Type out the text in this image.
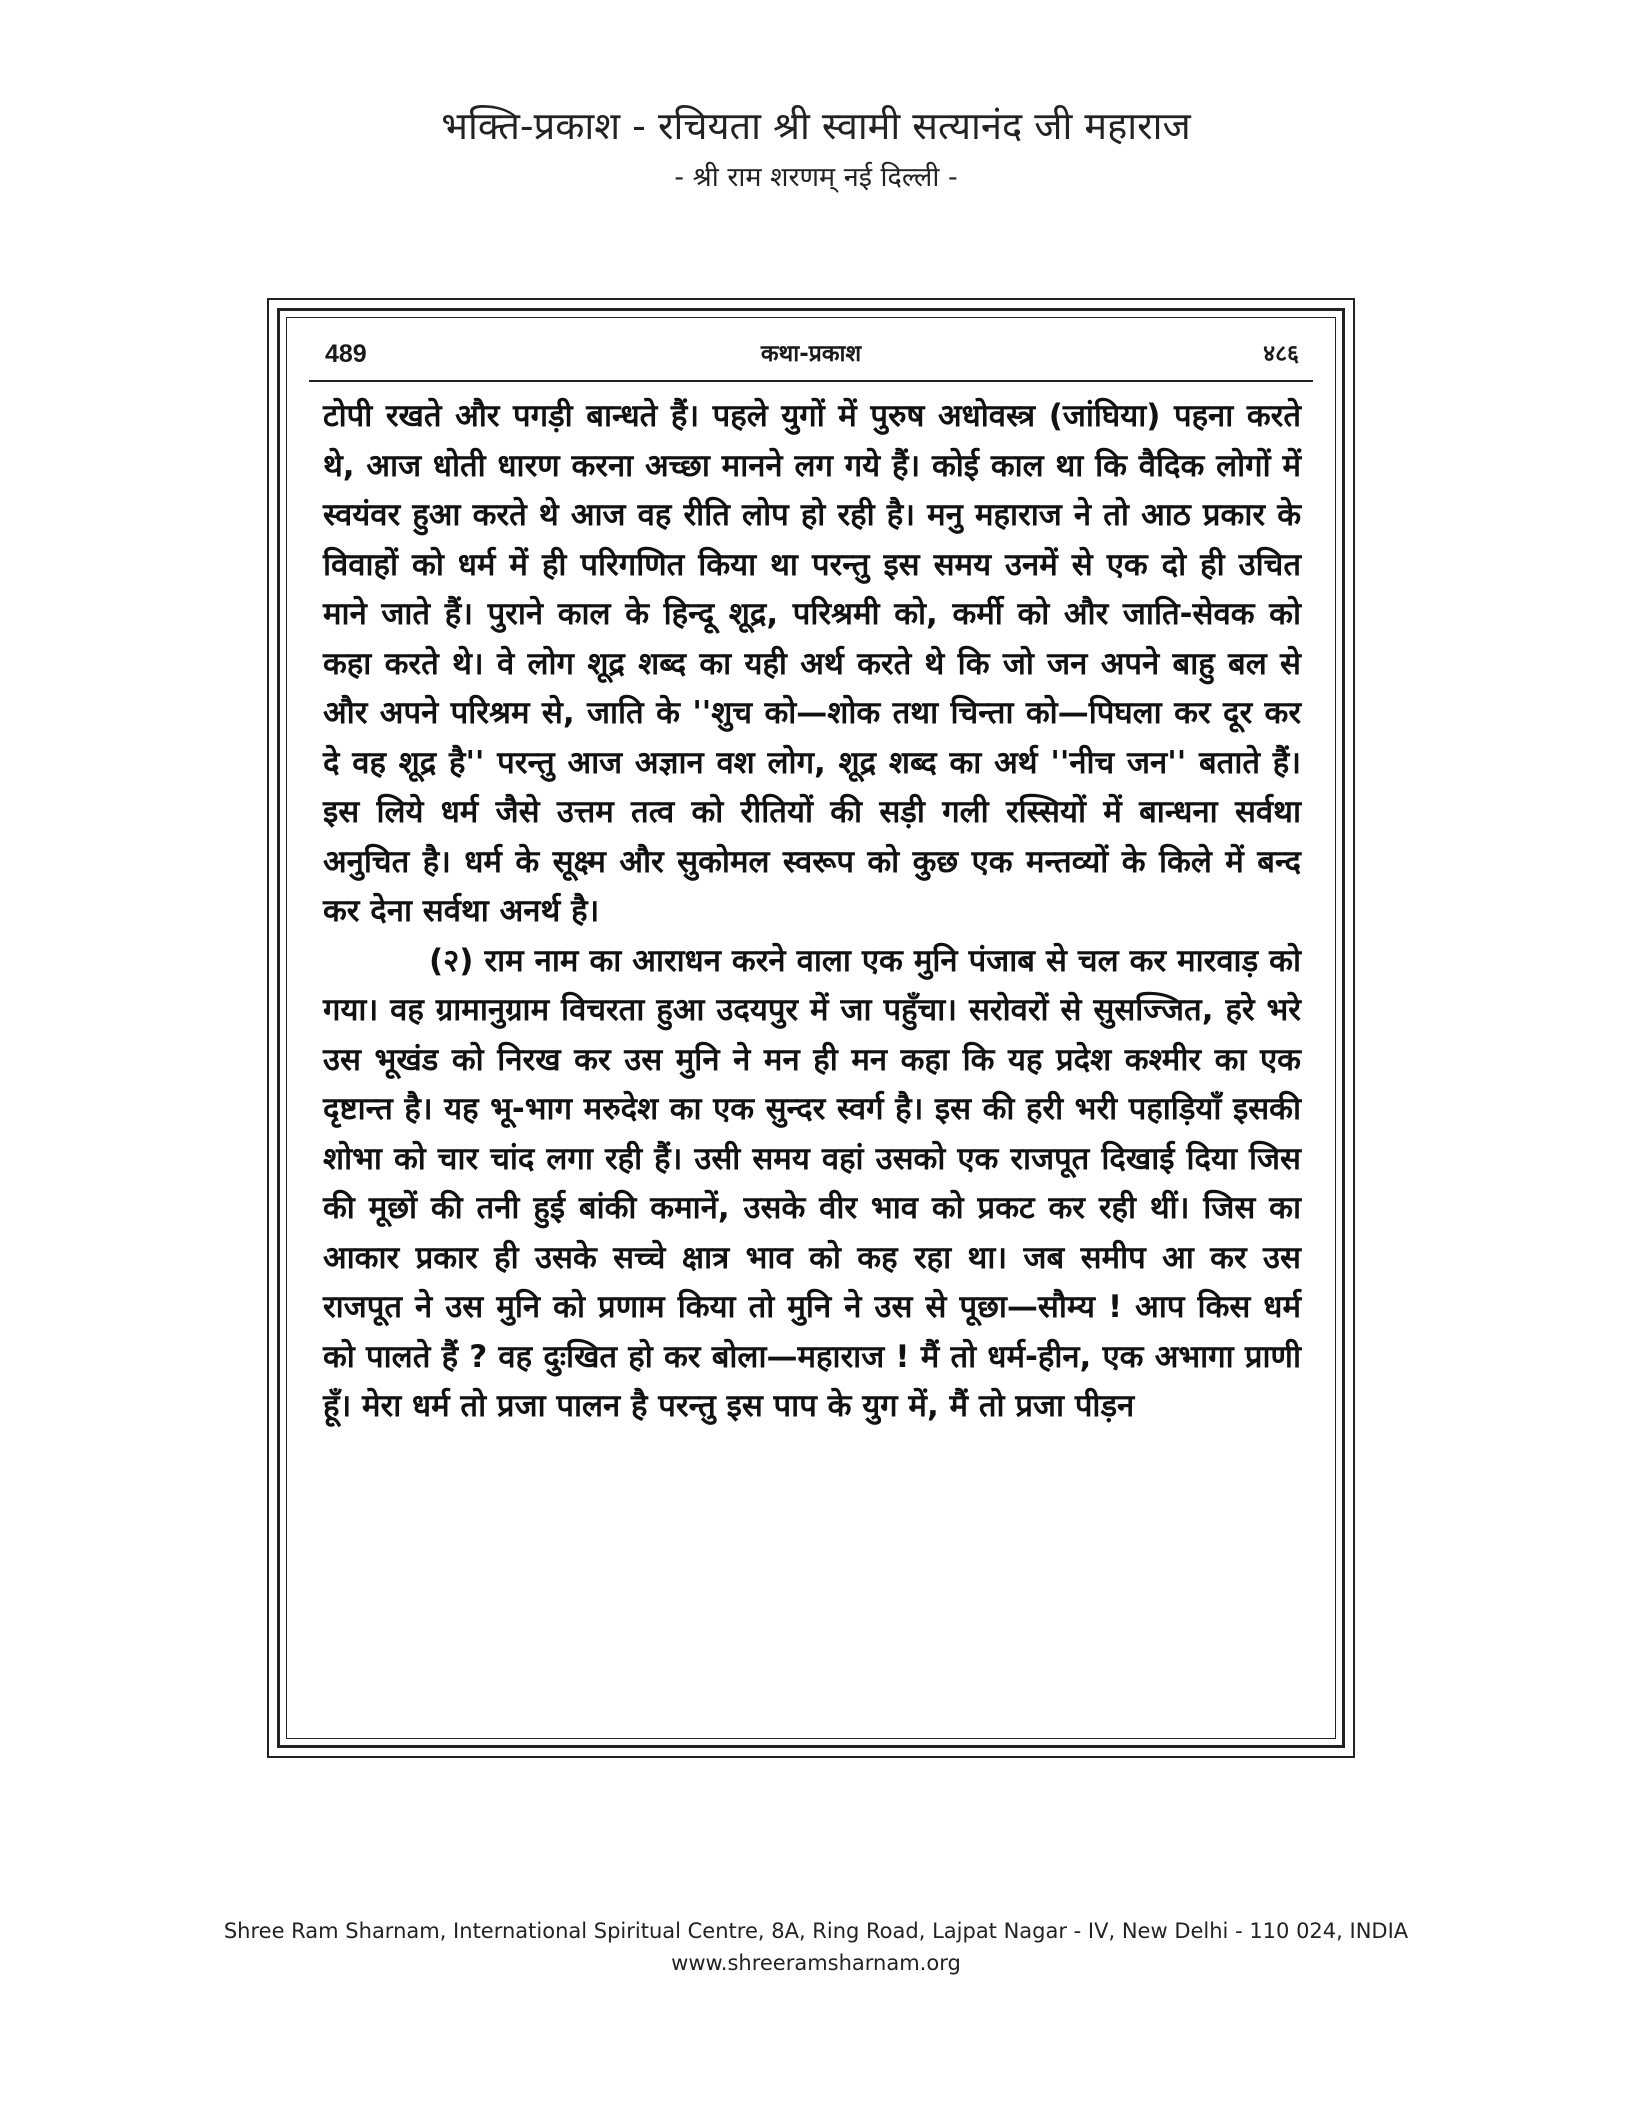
भक्ति-प्रकाश - रचियता श्री स्वामी सत्यानंद जी महाराज
- श्री राम शरणम् नई दिल्ली -
489	कथा-प्रकाश	४८६

टोपी रखते और पगड़ी बान्धते हैं। पहले युगों में पुरुष अधोवस्त्र (जांघिया) पहना करते थे, आज धोती धारण करना अच्छा मानने लग गये हैं। कोई काल था कि वैदिक लोगों में स्वयंवर हुआ करते थे आज वह रीति लोप हो रही है। मनु महाराज ने तो आठ प्रकार के विवाहों को धर्म में ही परिगणित किया था परन्तु इस समय उनमें से एक दो ही उचित माने जाते हैं। पुराने काल के हिन्दू शूद्र, परिश्रमी को, कर्मी को और जाति-सेवक को कहा करते थे। वे लोग शूद्र शब्द का यही अर्थ करते थे कि जो जन अपने बाहु बल से और अपने परिश्रम से, जाति के ''शुच को—शोक तथा चिन्ता को—पिघला कर दूर कर दे वह शूद्र है'' परन्तु आज अज्ञान वश लोग, शूद्र शब्द का अर्थ ''नीच जन'' बताते हैं। इस लिये धर्म जैसे उत्तम तत्व को रीतियों की सड़ी गली रस्सियों में बान्धना सर्वथा अनुचित है। धर्म के सूक्ष्म और सुकोमल स्वरूप को कुछ एक मन्तव्यों के किले में बन्द कर देना सर्वथा अनर्थ है।

(२) राम नाम का आराधन करने वाला एक मुनि पंजाब से चल कर मारवाड़ को गया। वह ग्रामानुग्राम विचरता हुआ उदयपुर में जा पहुँचा। सरोवरों से सुसज्जित, हरे भरे उस भूखंड को निरख कर उस मुनि ने मन ही मन कहा कि यह प्रदेश कश्मीर का एक दृष्टान्त है। यह भू-भाग मरुदेश का एक सुन्दर स्वर्ग है। इस की हरी भरी पहाड़ियाँ इसकी शोभा को चार चांद लगा रही हैं। उसी समय वहां उसको एक राजपूत दिखाई दिया जिस की मूछों की तनी हुई बांकी कमानें, उसके वीर भाव को प्रकट कर रही थीं। जिस का आकार प्रकार ही उसके सच्चे क्षात्र भाव को कह रहा था। जब समीप आ कर उस राजपूत ने उस मुनि को प्रणाम किया तो मुनि ने उस से पूछा—सौम्य ! आप किस धर्म को पालते हैं ? वह दुःखित हो कर बोला—महाराज ! मैं तो धर्म-हीन, एक अभागा प्राणी हूँ। मेरा धर्म तो प्रजा पालन है परन्तु इस पाप के युग में, मैं तो प्रजा पीड़न

Shree Ram Sharnam, International Spiritual Centre, 8A, Ring Road, Lajpat Nagar - IV, New Delhi - 110 024, INDIA
www.shreeramsharnam.org
